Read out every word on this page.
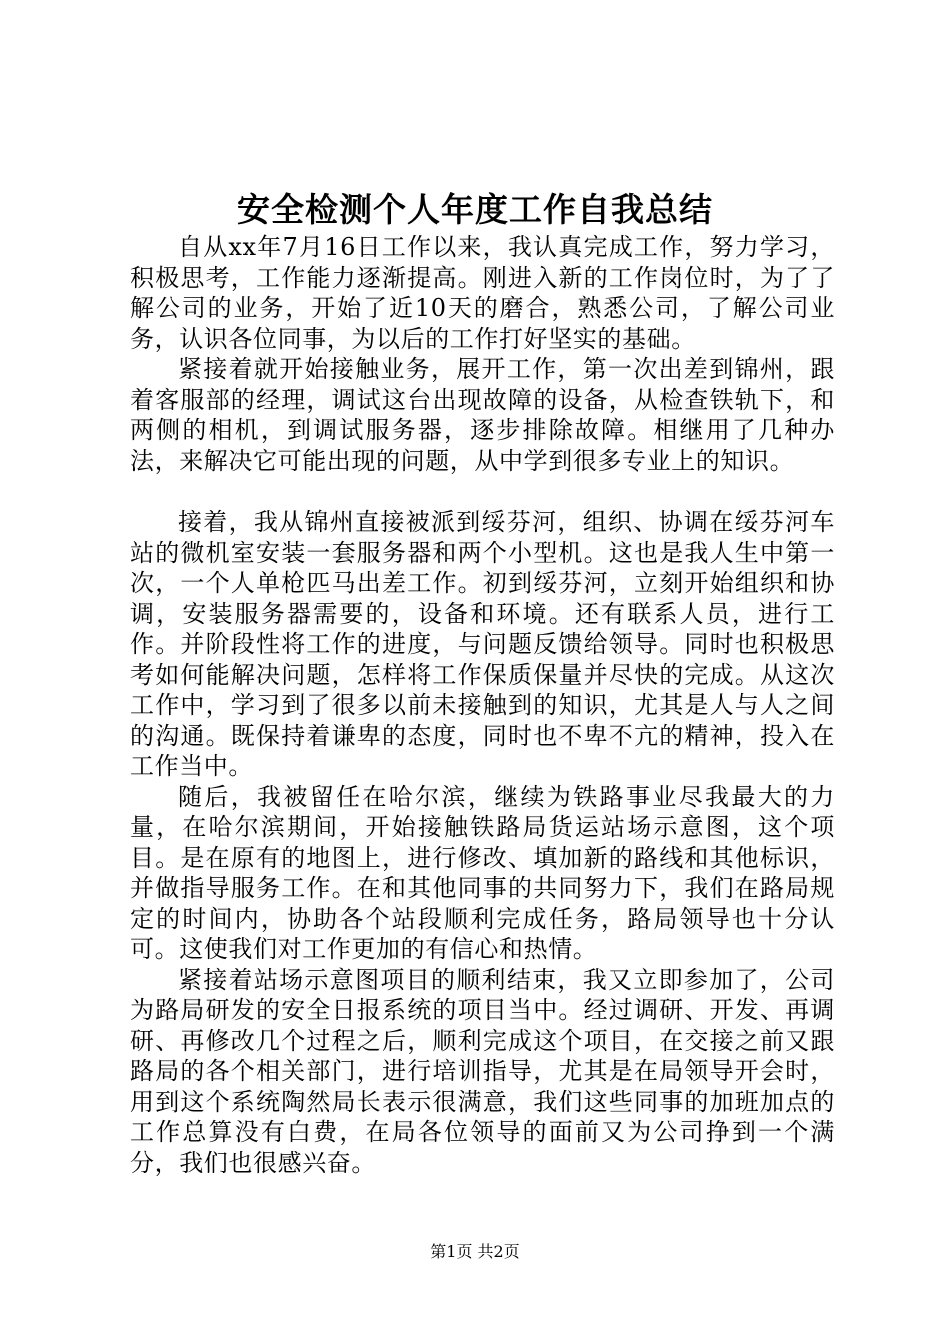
安全检测个人年度工作自我总结

自从xx年7月16日工作以来，我认真完成工作，努力学习，积极思考，工作能力逐渐提高。刚进入新的工作岗位时，为了了解公司的业务，开始了近10天的磨合，熟悉公司，了解公司业务，认识各位同事，为以后的工作打好坚实的基础。

紧接着就开始接触业务，展开工作，第一次出差到锦州，跟着客服部的经理，调试这台出现故障的设备，从检查铁轨下，和两侧的相机，到调试服务器，逐步排除故障。相继用了几种办法，来解决它可能出现的问题，从中学到很多专业上的知识。

接着，我从锦州直接被派到绥芬河，组织、协调在绥芬河车站的微机室安装一套服务器和两个小型机。这也是我人生中第一次，一个人单枪匹马出差工作。初到绥芬河，立刻开始组织和协调，安装服务器需要的，设备和环境。还有联系人员，进行工作。并阶段性将工作的进度，与问题反馈给领导。同时也积极思考如何能解决问题，怎样将工作保质保量并尽快的完成。从这次工作中，学习到了很多以前未接触到的知识，尤其是人与人之间的沟通。既保持着谦卑的态度，同时也不卑不亢的精神，投入在工作当中。

随后，我被留任在哈尔滨，继续为铁路事业尽我最大的力量，在哈尔滨期间，开始接触铁路局货运站场示意图，这个项目。是在原有的地图上，进行修改、填加新的路线和其他标识，并做指导服务工作。在和其他同事的共同努力下，我们在路局规定的时间内，协助各个站段顺利完成任务，路局领导也十分认可。这使我们对工作更加的有信心和热情。

紧接着站场示意图项目的顺利结束，我又立即参加了，公司为路局研发的安全日报系统的项目当中。经过调研、开发、再调研、再修改几个过程之后，顺利完成这个项目，在交接之前又跟路局的各个相关部门，进行培训指导，尤其是在局领导开会时，用到这个系统陶然局长表示很满意，我们这些同事的加班加点的工作总算没有白费，在局各位领导的面前又为公司挣到一个满分，我们也很感兴奋。

第1页 共2页
